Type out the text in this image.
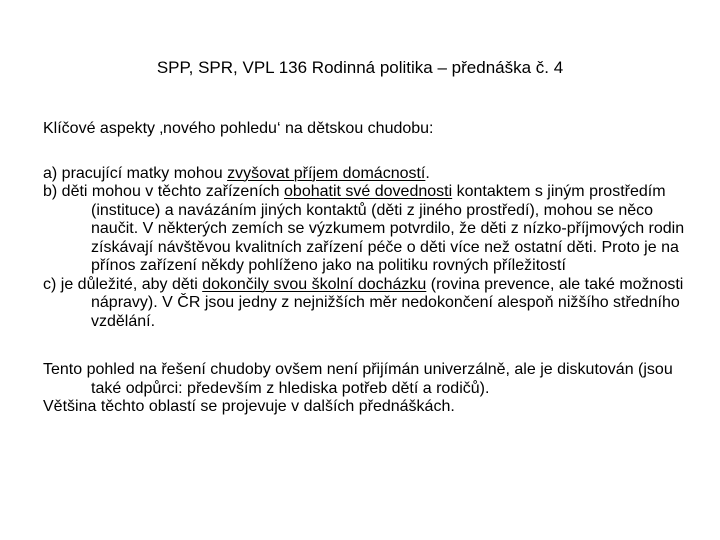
SPP, SPR, VPL 136 Rodinná politika – přednáška č. 4

Klíčové aspekty ‚nového pohledu‘ na dětskou chudobu:

a) pracující matky mohou zvyšovat příjem domácností.

b) děti mohou v těchto zařízeních obohatit své dovednosti kontaktem s jiným prostředím (instituce) a navázáním jiných kontaktů (děti z jiného prostředí), mohou se něco naučit. V některých zemích se výzkumem potvrdilo, že děti z nízko-příjmových rodin získávají návštěvou kvalitních zařízení péče o děti více než ostatní děti. Proto je na přínos zařízení někdy pohlíženo jako na politiku rovných příležitostí

c) je důležité, aby děti dokončily svou školní docházku (rovina prevence, ale také možnosti nápravy). V ČR jsou jedny z nejnižších měr nedokončení alespoň nižšího středního vzdělání.

Tento pohled na řešení chudoby ovšem není přijímán univerzálně, ale je diskutován (jsou také odpůrci: především z hlediska potřeb dětí a rodičů).

Většina těchto oblastí se projevuje v dalších přednáškách.
